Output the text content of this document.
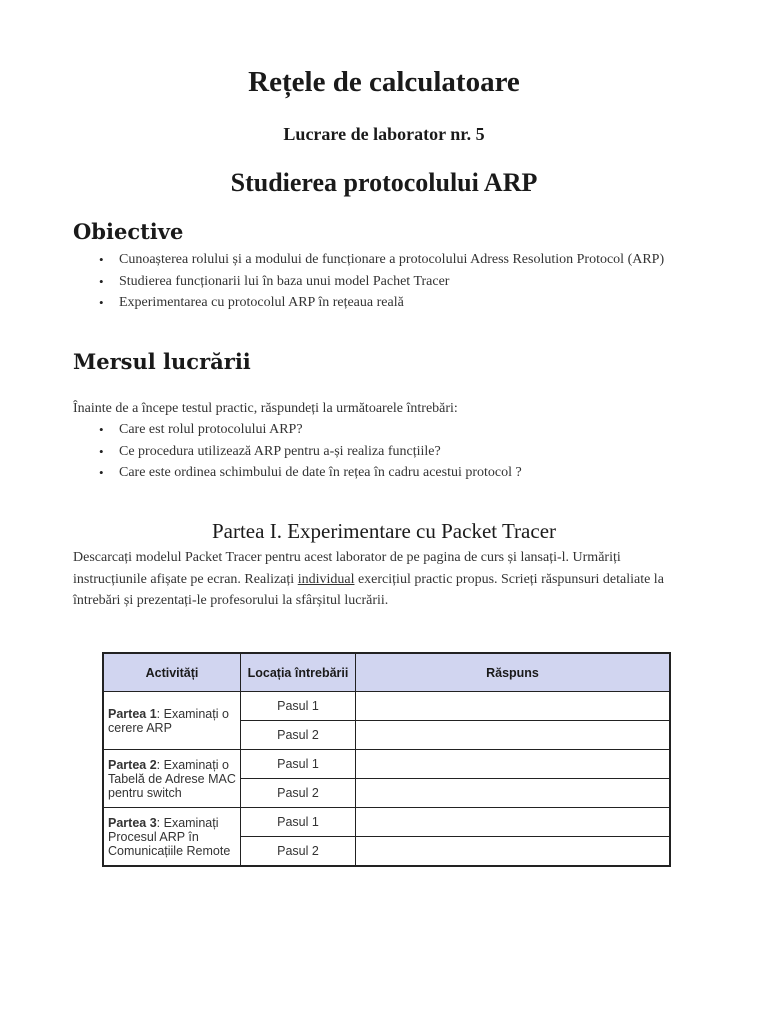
Rețele de calculatoare
Lucrare de laborator nr. 5
Studierea protocolului ARP
Obiective
• Cunoașterea rolului și a modului de funcționare a protocolului Adress Resolution Protocol (ARP)
• Studierea funcționarii lui în baza unui model Pachet Tracer
• Experimentarea cu protocolul ARP în rețeaua reală
Mersul lucrării
Înainte de a începe testul practic, răspundeți la următoarele întrebări:
• Care est rolul protocolului ARP?
• Ce procedura utilizează ARP pentru a-și realiza funcțiile?
• Care este ordinea schimbului de date în rețea în cadru acestui protocol ?
Partea I. Experimentare cu Packet Tracer
Descarcați modelul Packet Tracer pentru acest laborator de pe pagina de curs și lansați-l. Urmăriți instrucțiunile afișate pe ecran. Realizați individual exercițiul practic propus. Scrieți răspunsuri detaliate la întrebări și prezentați-le profesorului la sfârșitul lucrării.
Activități	Locația întrebării	Răspuns
Partea 1: Examinați o cerere ARP	Pasul 1	
	Pasul 2	
Partea 2: Examinați o Tabelă de Adrese MAC pentru switch	Pasul 1	
	Pasul 2	
Partea 3: Examinați Procesul ARP în Comunicațiile Remote	Pasul 1	
	Pasul 2	
